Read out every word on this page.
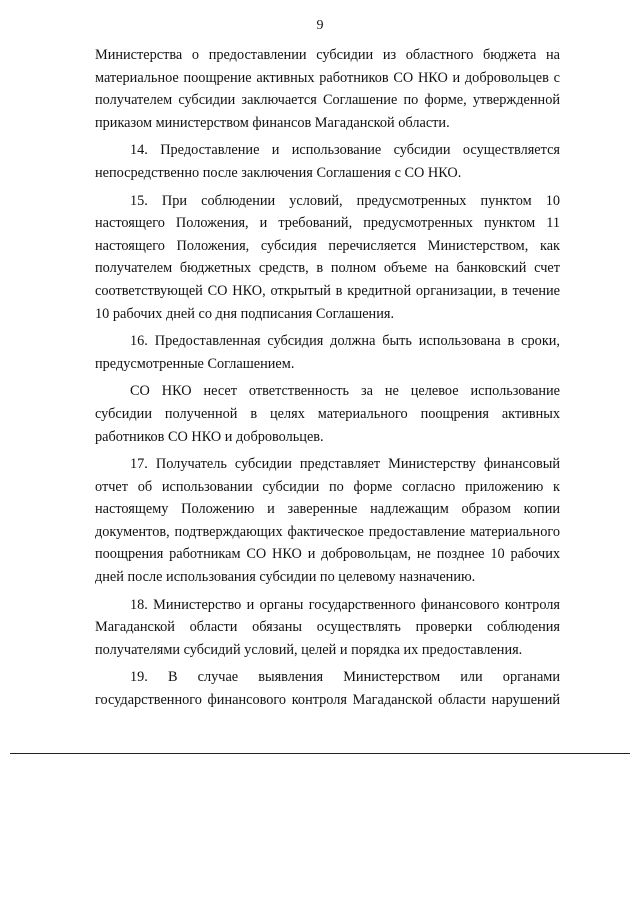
9

Министерства о предоставлении субсидии из областного бюджета на материальное поощрение активных работников СО НКО и добровольцев с получателем субсидии заключается Соглашение по форме, утвержденной приказом министерством финансов Магаданской области.

14. Предоставление и использование субсидии осуществляется непосредственно после заключения Соглашения с СО НКО.

15. При соблюдении условий, предусмотренных пунктом 10 настоящего Положения, и требований, предусмотренных пунктом 11 настоящего Положения, субсидия перечисляется Министерством, как получателем бюджетных средств, в полном объеме на банковский счет соответствующей СО НКО, открытый в кредитной организации, в течение 10 рабочих дней со дня подписания Соглашения.

16. Предоставленная субсидия должна быть использована в сроки, предусмотренные Соглашением.

СО НКО несет ответственность за не целевое использование субсидии полученной в целях материального поощрения активных работников СО НКО и добровольцев.

17. Получатель субсидии представляет Министерству финансовый отчет об использовании субсидии по форме согласно приложению к настоящему Положению и заверенные надлежащим образом копии документов, подтверждающих фактическое предоставление материального поощрения работникам СО НКО и добровольцам, не позднее 10 рабочих дней после использования субсидии по целевому назначению.

18. Министерство и органы государственного финансового контроля Магаданской области обязаны осуществлять проверки соблюдения получателями субсидий условий, целей и порядка их предоставления.

19. В случае выявления Министерством или органами государственного финансового контроля Магаданской области нарушений
